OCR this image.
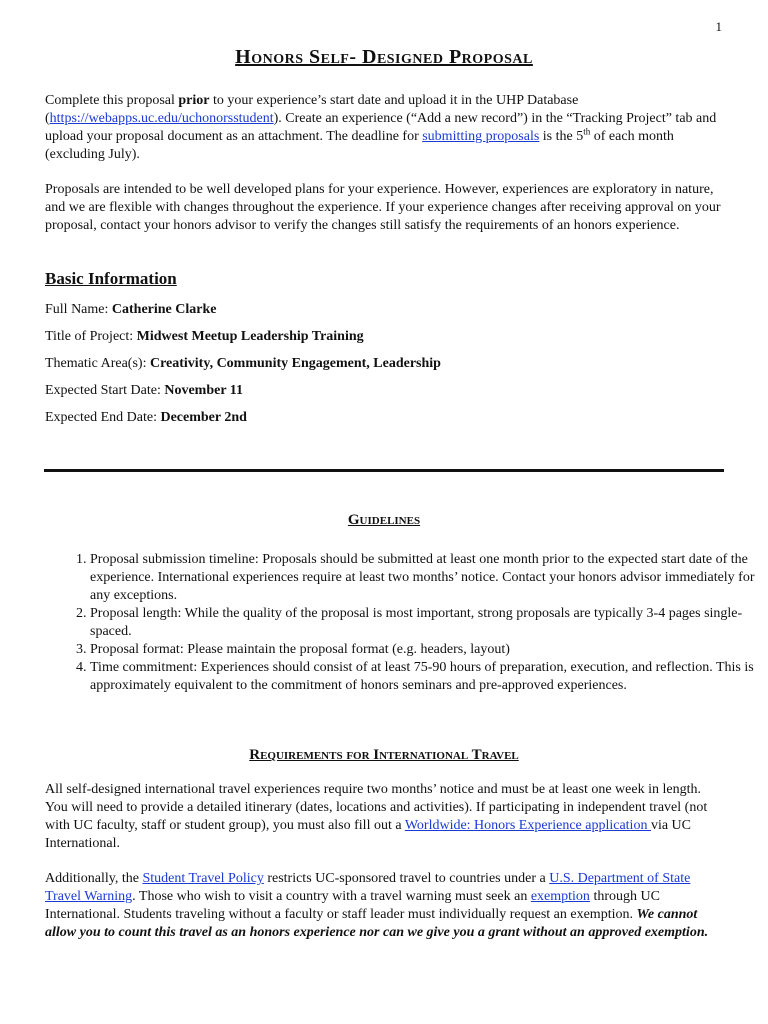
1
Honors Self- Designed Proposal
Complete this proposal prior to your experience’s start date and upload it in the UHP Database (https://webapps.uc.edu/uchonorsstudent). Create an experience (“Add a new record”) in the “Tracking Project” tab and upload your proposal document as an attachment. The deadline for submitting proposals is the 5th of each month (excluding July).
Proposals are intended to be well developed plans for your experience. However, experiences are exploratory in nature, and we are flexible with changes throughout the experience. If your experience changes after receiving approval on your proposal, contact your honors advisor to verify the changes still satisfy the requirements of an honors experience.
Basic Information
Full Name: Catherine Clarke
Title of Project: Midwest Meetup Leadership Training
Thematic Area(s): Creativity, Community Engagement, Leadership
Expected Start Date: November 11
Expected End Date: December 2nd
Guidelines
1. Proposal submission timeline: Proposals should be submitted at least one month prior to the expected start date of the experience. International experiences require at least two months’ notice. Contact your honors advisor immediately for any exceptions.
2. Proposal length: While the quality of the proposal is most important, strong proposals are typically 3-4 pages single-spaced.
3. Proposal format: Please maintain the proposal format (e.g. headers, layout)
4. Time commitment: Experiences should consist of at least 75-90 hours of preparation, execution, and reflection. This is approximately equivalent to the commitment of honors seminars and pre-approved experiences.
Requirements for International Travel
All self-designed international travel experiences require two months’ notice and must be at least one week in length. You will need to provide a detailed itinerary (dates, locations and activities). If participating in independent travel (not with UC faculty, staff or student group), you must also fill out a Worldwide: Honors Experience application via UC International.
Additionally, the Student Travel Policy restricts UC-sponsored travel to countries under a U.S. Department of State Travel Warning. Those who wish to visit a country with a travel warning must seek an exemption through UC International. Students traveling without a faculty or staff leader must individually request an exemption. We cannot allow you to count this travel as an honors experience nor can we give you a grant without an approved exemption.
